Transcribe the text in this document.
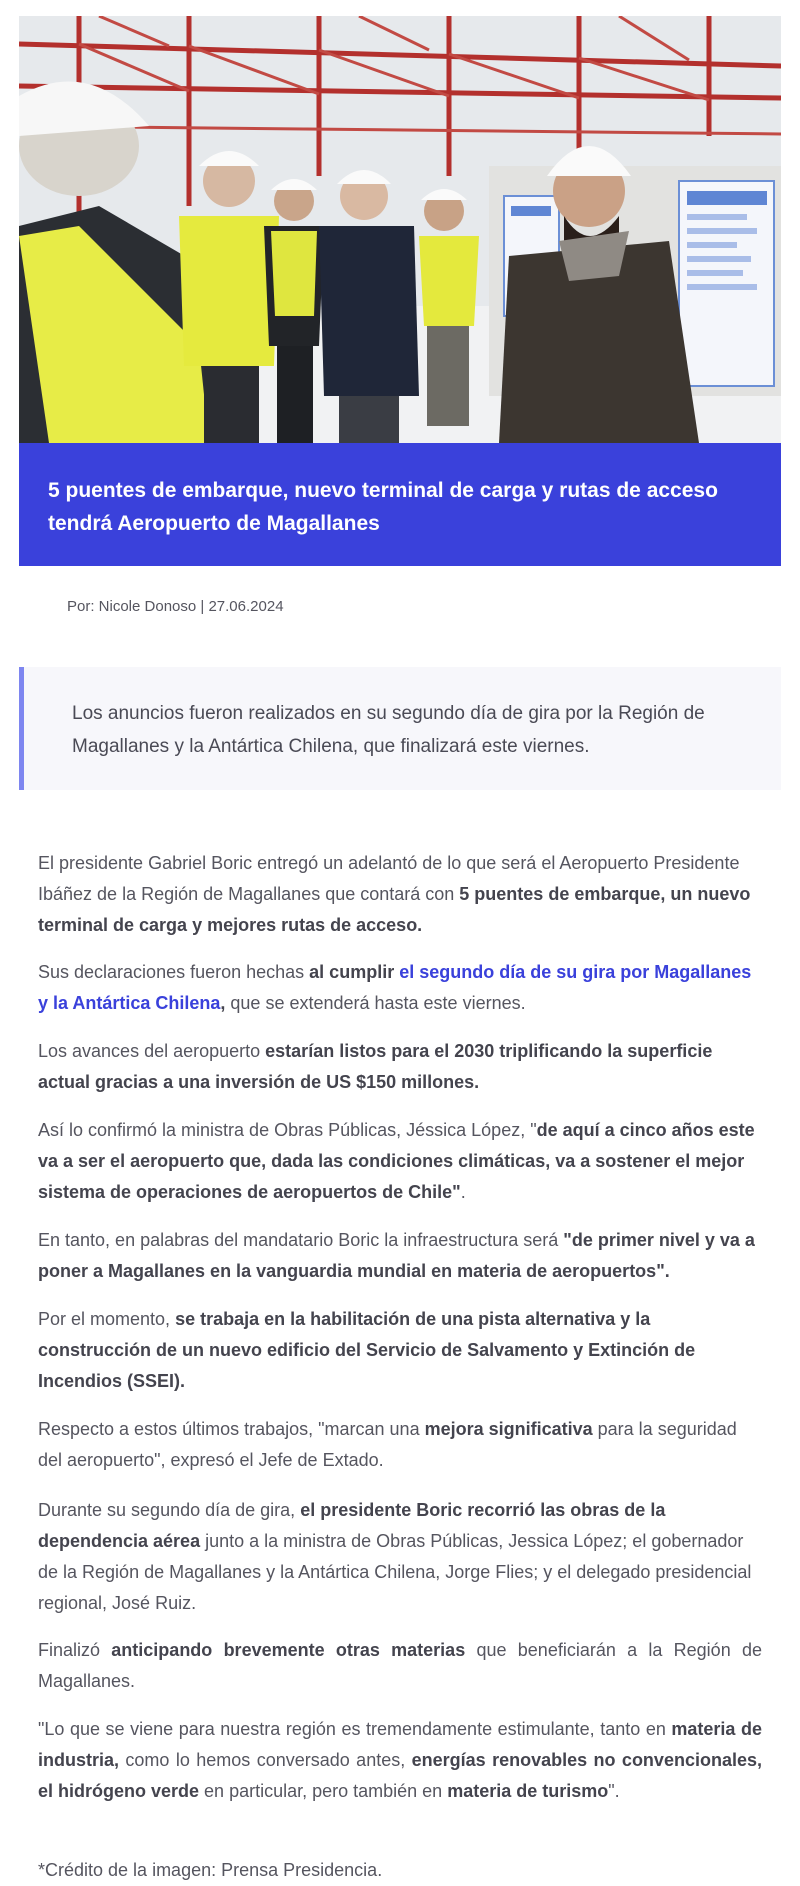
5 puentes de embarque, nuevo terminal de carga y rutas de acceso tendrá Aeropuerto de Magallanes
Por: Nicole Donoso | 27.06.2024

Los anuncios fueron realizados en su segundo día de gira por la Región de Magallanes y la Antártica Chilena, que finalizará este viernes.

El presidente Gabriel Boric entregó un adelantó de lo que será el Aeropuerto Presidente Ibáñez de la Región de Magallanes que contará con 5 puentes de embarque, un nuevo terminal de carga y mejores rutas de acceso.

Sus declaraciones fueron hechas al cumplir el segundo día de su gira por Magallanes y la Antártica Chilena, que se extenderá hasta este viernes.

Los avances del aeropuerto estarían listos para el 2030 triplificando la superficie actual gracias a una inversión de US $150 millones.

Así lo confirmó la ministra de Obras Públicas, Jéssica López, "de aquí a cinco años este va a ser el aeropuerto que, dada las condiciones climáticas, va a sostener el mejor sistema de operaciones de aeropuertos de Chile".

En tanto, en palabras del mandatario Boric la infraestructura será "de primer nivel y va a poner a Magallanes en la vanguardia mundial en materia de aeropuertos".

Por el momento, se trabaja en la habilitación de una pista alternativa y la construcción de un nuevo edificio del Servicio de Salvamento y Extinción de Incendios (SSEI).

Respecto a estos últimos trabajos, "marcan una mejora significativa para la seguridad del aeropuerto", expresó el Jefe de Extado.

Durante su segundo día de gira, el presidente Boric recorrió las obras de la dependencia aérea junto a la ministra de Obras Públicas, Jessica López; el gobernador de la Región de Magallanes y la Antártica Chilena, Jorge Flies; y el delegado presidencial regional, José Ruiz.

Finalizó anticipando brevemente otras materias que beneficiarán a la Región de Magallanes.

"Lo que se viene para nuestra región es tremendamente estimulante, tanto en materia de industria, como lo hemos conversado antes, energías renovables no convencionales, el hidrógeno verde en particular, pero también en materia de turismo".

*Crédito de la imagen: Prensa Presidencia.
